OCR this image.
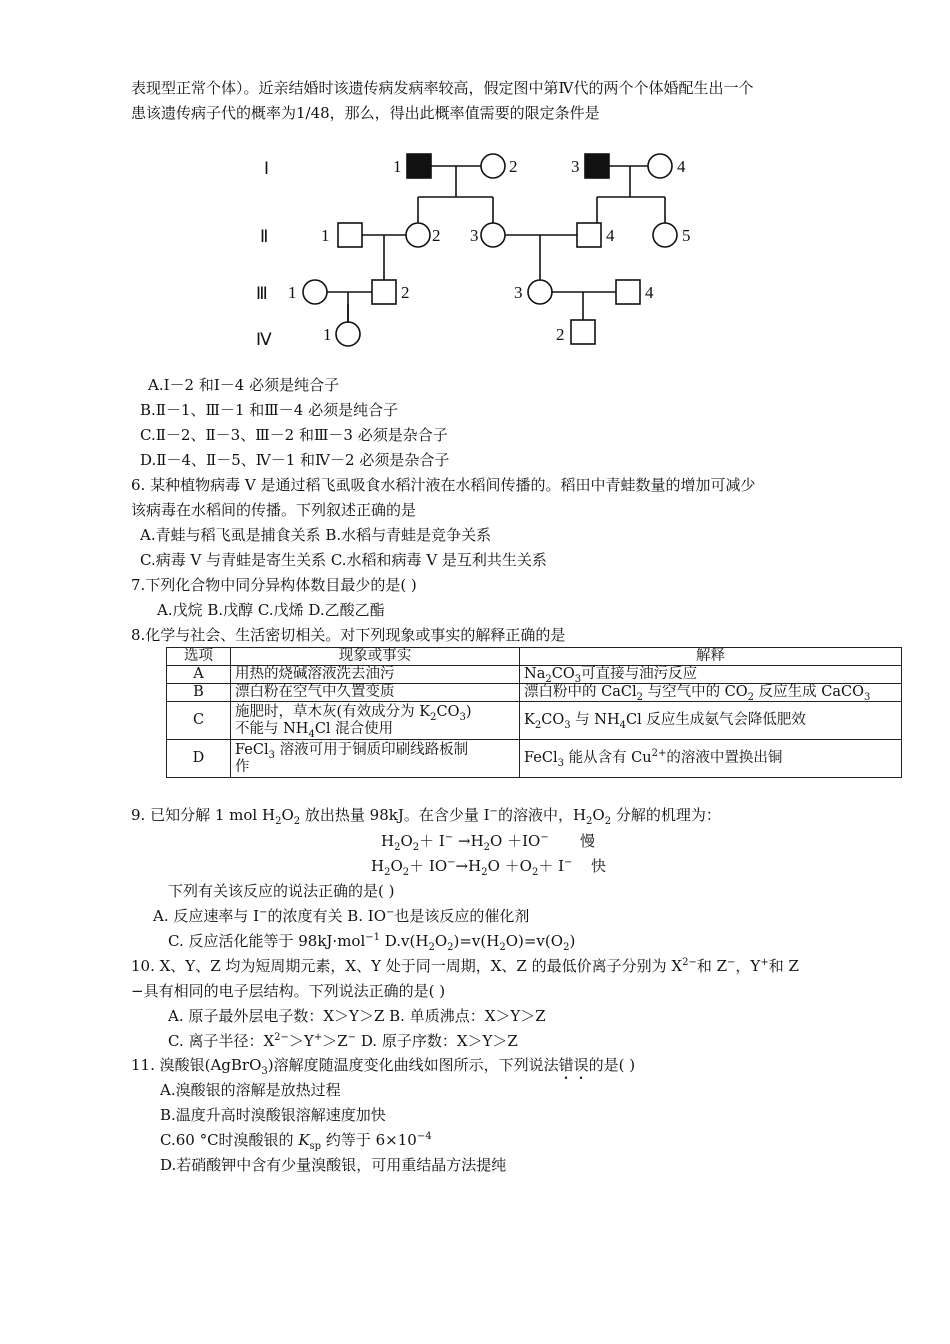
表现型正常个体）。近亲结婚时该遗传病发病率较高，假定图中第Ⅳ代的两个个体婚配生出一个
患该遗传病子代的概率为1/48，那么，得出此概率值需要的限定条件是
Ⅰ
Ⅱ
Ⅲ
Ⅳ
1	2	3	4
1	2 3	4	5
1	2	3	4
1	2
A.Ⅰ－2 和Ⅰ－4 必须是纯合子
B.Ⅱ－1、Ⅲ－1 和Ⅲ－4 必须是纯合子
C.Ⅱ－2、Ⅱ－3、Ⅲ－2 和Ⅲ－3 必须是杂合子
D.Ⅱ－4、Ⅱ－5、Ⅳ－1 和Ⅳ－2 必须是杂合子
6. 某种植物病毒 V 是通过稻飞虱吸食水稻汁液在水稻间传播的。稻田中青蛙数量的增加可减少
该病毒在水稻间的传播。下列叙述正确的是
A.青蛙与稻飞虱是捕食关系 B.水稻与青蛙是竞争关系
C.病毒 V 与青蛙是寄生关系 C.水稻和病毒 V 是互利共生关系
7.下列化合物中同分异构体数目最少的是( )
A.戊烷 B.戊醇 C.戊烯 D.乙酸乙酯
8.化学与社会、生活密切相关。对下列现象或事实的解释正确的是
选项	现象或事实	解释
A	用热的烧碱溶液洗去油污	$Na_2CO_3$可直接与油污反应
B	漂白粉在空气中久置变质	漂白粉中的 CaCl$_2$ 与空气中的 $CO_2$ 反应生成 CaCO$_3$
C	施肥时，草木灰(有效成分为 $K_2CO_3$)
不能与 $NH_4Cl$ 混合使用	$K_2CO_3$ 与 $NH_4Cl$ 反应生成氨气会降低肥效
D	FeCl$_3$ 溶液可用于铜质印刷线路板制
作	FeCl$_3$ 能从含有 $Cu^{2+}$的溶液中置换出铜
9. 已知分解 1 mol $H_2O_2$ 放出热量 98kJ。在含少量 I−的溶液中，$H_2O_2$ 分解的机理为：
$H_2O_2+ I^- \to H_2O +IO^-$ 慢
$H_2O_2+ IO^-\to H_2O +O_2+ I^-$ 快
下列有关该反应的说法正确的是( )
A. 反应速率与 I−的浓度有关 B. IO−也是该反应的催化剂
C. 反应活化能等于 98kJ·mol$^{-1}$ $D.v(H_2O_2)=v(H_2O)=v(O_2)$
10. X、Y、Z 均为短周期元素，X、Y 处于同一周期，X、Z 的最低价离子分别为 $X^{2-}$和 Z−，Y+和 Z
−具有相同的电子层结构。下列说法正确的是( )
A. 原子最外层电子数：X＞Y＞Z B. 单质沸点：X＞Y＞Z
C. 离子半径：$X^{2-}>Y^+>Z^-$ D. 原子序数：X＞Y＞Z
11. 溴酸银(AgBrO$_3$)溶解度随温度变化曲线如图所示，下列说法错误的是( )
A.溴酸银的溶解是放热过程
B.温度升高时溴酸银溶解速度加快
C.60 °C时溴酸银的 $K_{sp}$ 约等于 $6\times 10^{-4}$
D.若硝酸钾中含有少量溴酸银，可用重结晶方法提纯
